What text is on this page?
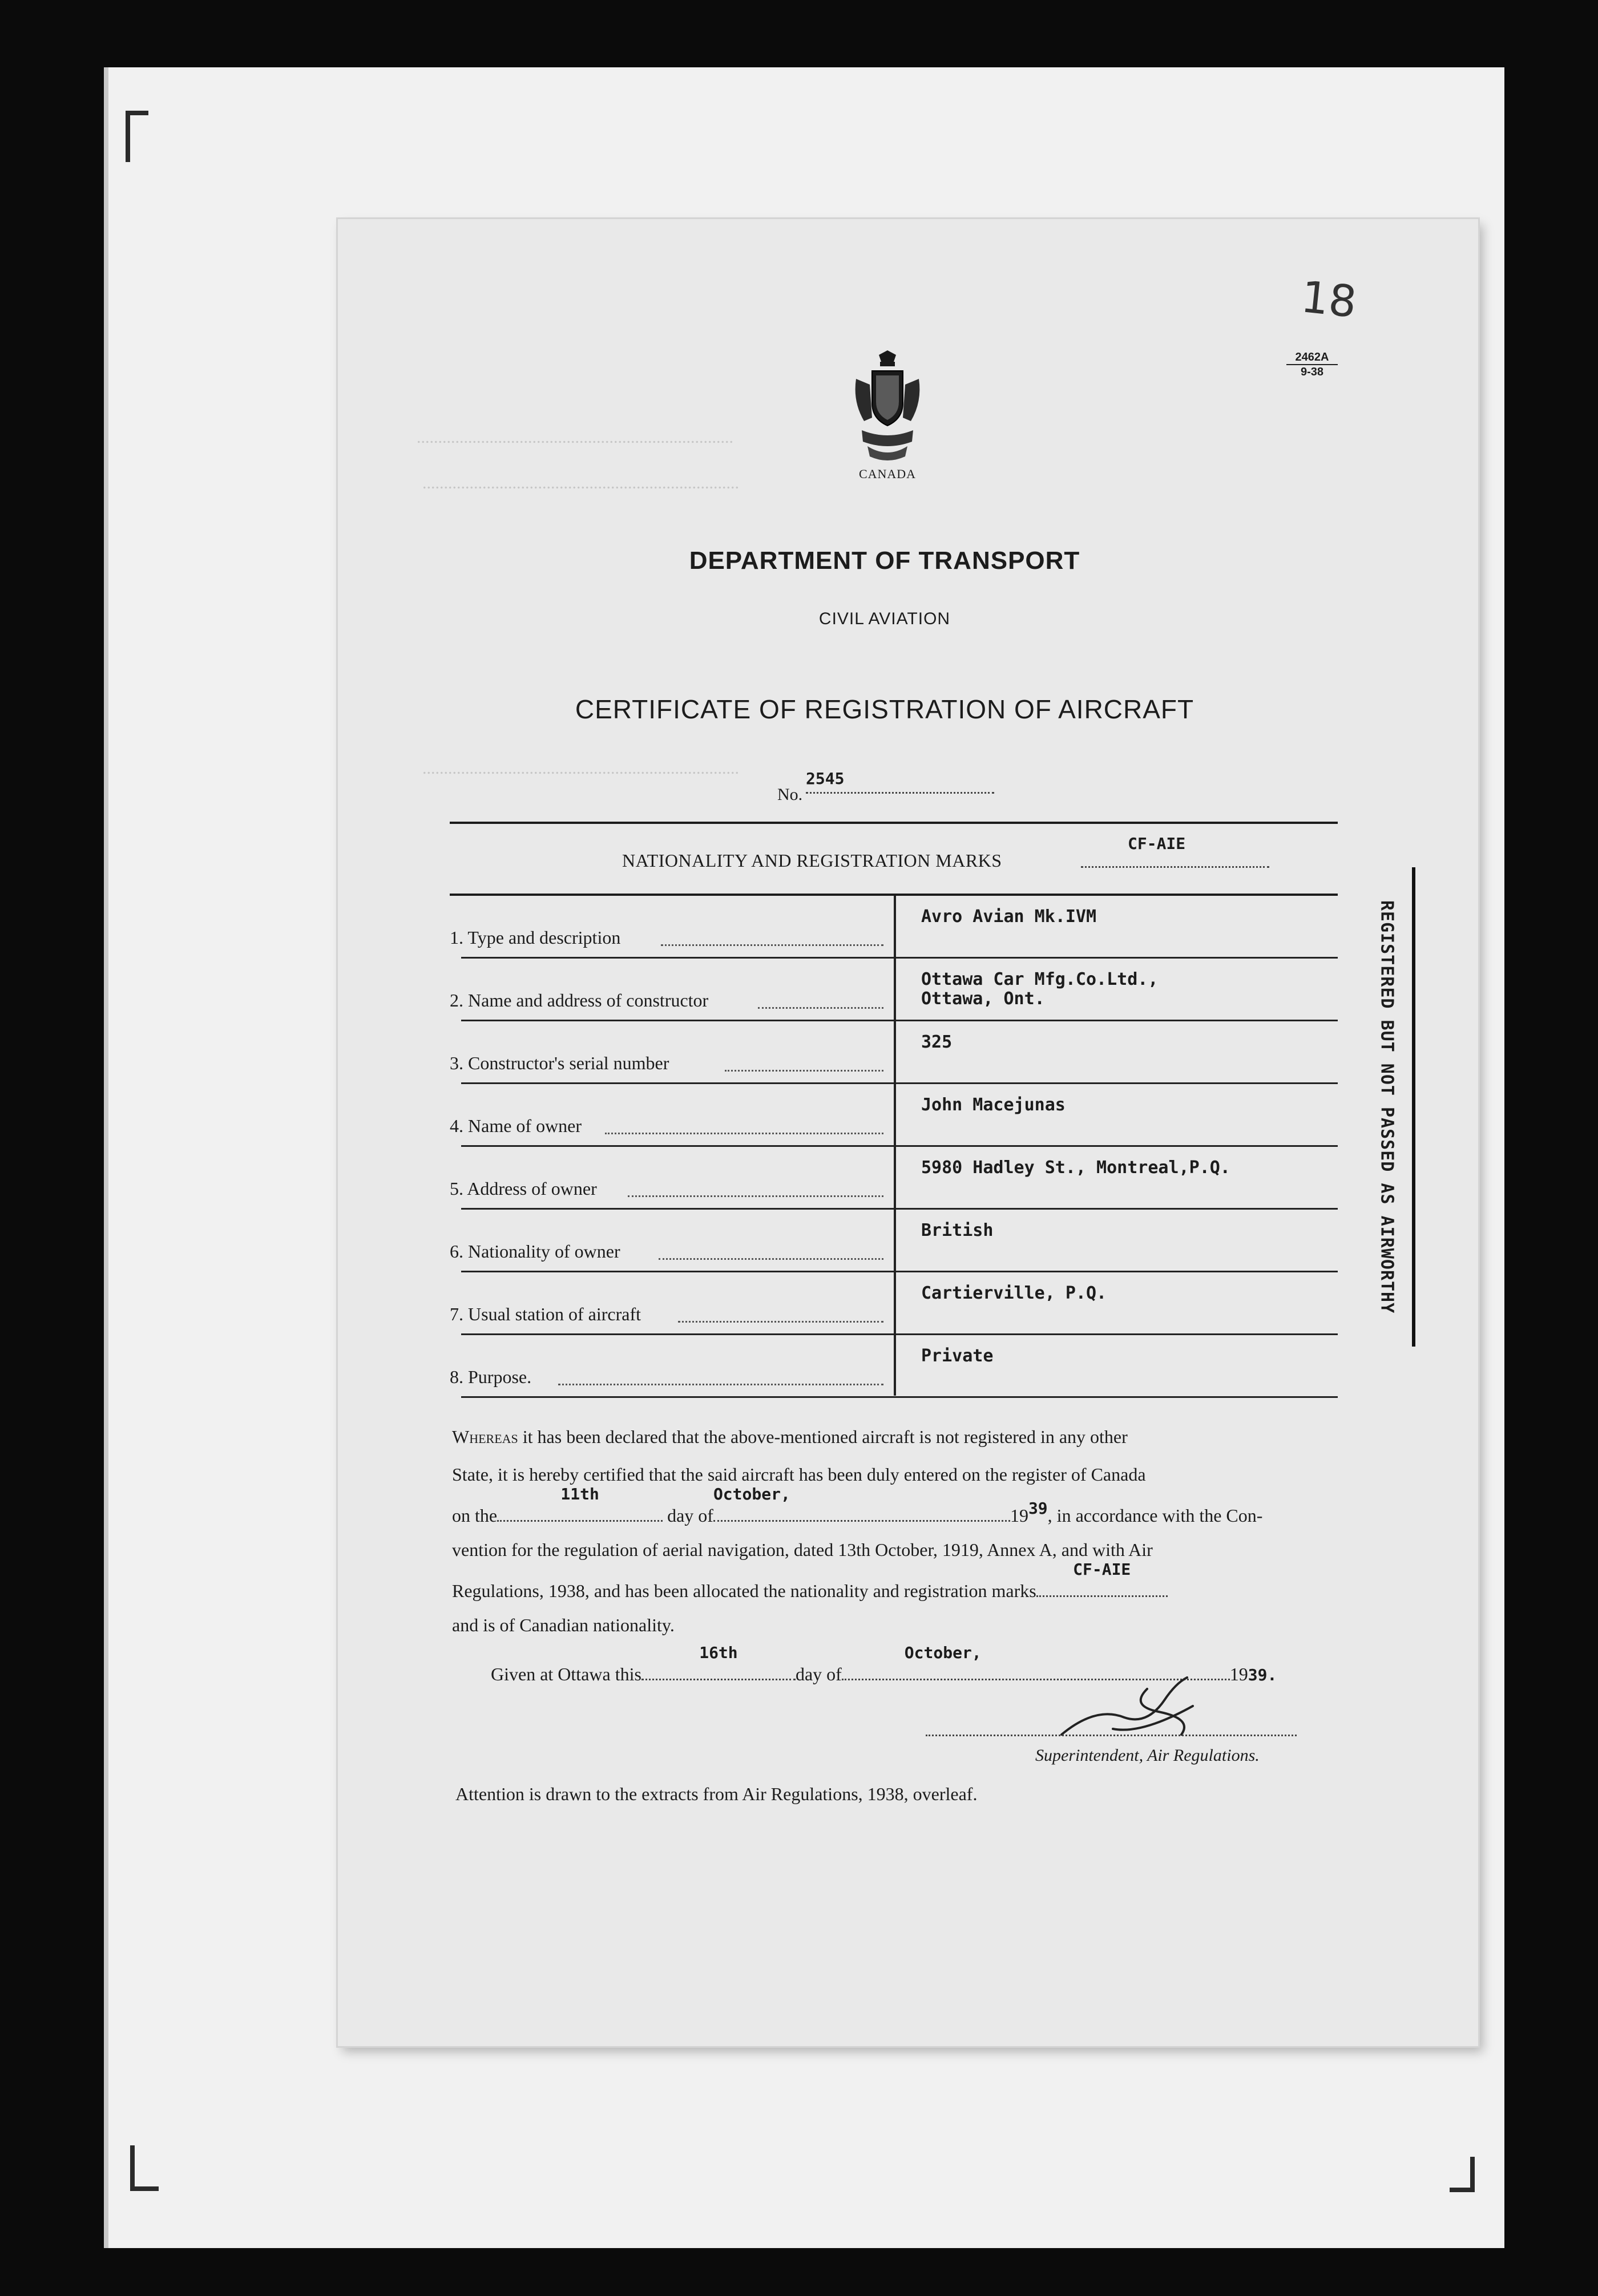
..........................................................................
..........................................................................
..........................................................................
18
2462A
9-38
CANADA
DEPARTMENT OF TRANSPORT
CIVIL AVIATION
CERTIFICATE OF REGISTRATION OF AIRCRAFT
No.
2545
NATIONALITY AND REGISTRATION MARKS
CF-AIE
1. Type and description
Avro Avian Mk.IVM
2. Name and address of constructor
Ottawa Car Mfg.Co.Ltd.,
Ottawa, Ont.
3. Constructor's serial number
325
4. Name of owner
John Macejunas
5. Address of owner
5980 Hadley St., Montreal,P.Q.
6. Nationality of owner
British
7. Usual station of aircraft
Cartierville, P.Q.
8. Purpose.
Private
REGISTERED BUT NOT PASSED AS AIRWORTHY
Whereas it has been declared that the above-mentioned aircraft is not registered in any other
State, it is hereby certified that the said aircraft has been duly entered on the register of Canada
on the
11th
day of
October,
1939, in accordance with the Con-
vention for the regulation of aerial navigation, dated 13th October, 1919, Annex A, and with Air
Regulations, 1938, and has been allocated the nationality and registration marks
CF-AIE
and is of Canadian nationality.
Given at Ottawa this
16th
day of
October,
1939.
Superintendent, Air Regulations.
Attention is drawn to the extracts from Air Regulations, 1938, overleaf.
